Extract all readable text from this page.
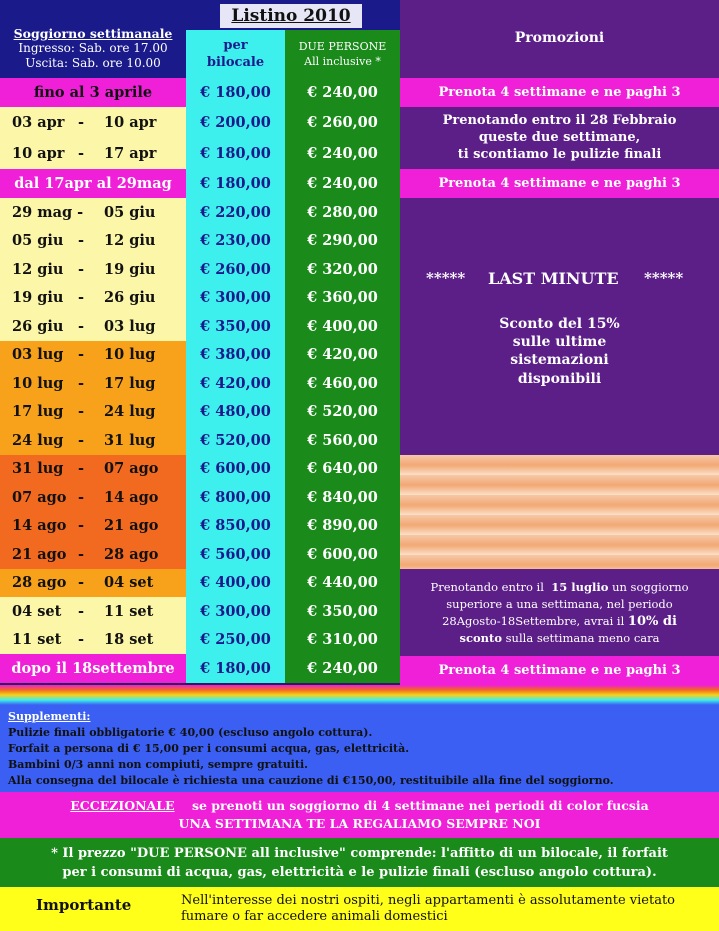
Soggiorno settimanale
Ingresso: Sab. ore 17.00
Uscita: Sab. ore 10.00
Listino 2010
per
bilocale
DUE PERSONE
All inclusive *
Promozioni
fino al 3 aprile	€ 180,00	€ 240,00
03 apr - 10 apr	€ 200,00	€ 260,00
10 apr - 17 apr	€ 180,00	€ 240,00
dal 17apr al 29mag	€ 180,00	€ 240,00
29 mag - 05 giu	€ 220,00	€ 280,00
05 giu - 12 giu	€ 230,00	€ 290,00
12 giu - 19 giu	€ 260,00	€ 320,00
19 giu - 26 giu	€ 300,00	€ 360,00
26 giu - 03 lug	€ 350,00	€ 400,00
03 lug - 10 lug	€ 380,00	€ 420,00
10 lug - 17 lug	€ 420,00	€ 460,00
17 lug - 24 lug	€ 480,00	€ 520,00
24 lug - 31 lug	€ 520,00	€ 560,00
31 lug - 07 ago	€ 600,00	€ 640,00
07 ago - 14 ago	€ 800,00	€ 840,00
14 ago - 21 ago	€ 850,00	€ 890,00
21 ago - 28 ago	€ 560,00	€ 600,00
28 ago - 04 set	€ 400,00	€ 440,00
04 set - 11 set	€ 300,00	€ 350,00
11 set - 18 set	€ 250,00	€ 310,00
dopo il 18settembre	€ 180,00	€ 240,00
Prenota 4 settimane e ne paghi 3
Prenotando entro il 28 Febbraio
queste due settimane,
ti scontiamo le pulizie finali
Prenota 4 settimane e ne paghi 3
***** LAST MINUTE *****
Sconto del 15%
sulle ultime
sistemazioni
disponibili
Prenotando entro il 15 luglio un soggiorno
superiore a una settimana, nel periodo
28Agosto-18Settembre, avrai il 10% di
sconto sulla settimana meno cara
Prenota 4 settimane e ne paghi 3
Supplementi:
Pulizie finali obbligatorie € 40,00 (escluso angolo cottura).
Forfait a persona di € 15,00 per i consumi acqua, gas, elettricità.
Bambini 0/3 anni non compiuti, sempre gratuiti.
Alla consegna del bilocale è richiesta una cauzione di €150,00, restituibile alla fine del soggiorno.
ECCEZIONALE se prenoti un soggiorno di 4 settimane nei periodi di color fucsia
UNA SETTIMANA TE LA REGALIAMO SEMPRE NOI
* Il prezzo "DUE PERSONE all inclusive" comprende: l'affitto di un bilocale, il forfait
per i consumi di acqua, gas, elettricità e le pulizie finali (escluso angolo cottura).
Importante	Nell'interesse dei nostri ospiti, negli appartamenti è assolutamente vietato
fumare o far accedere animali domestici
